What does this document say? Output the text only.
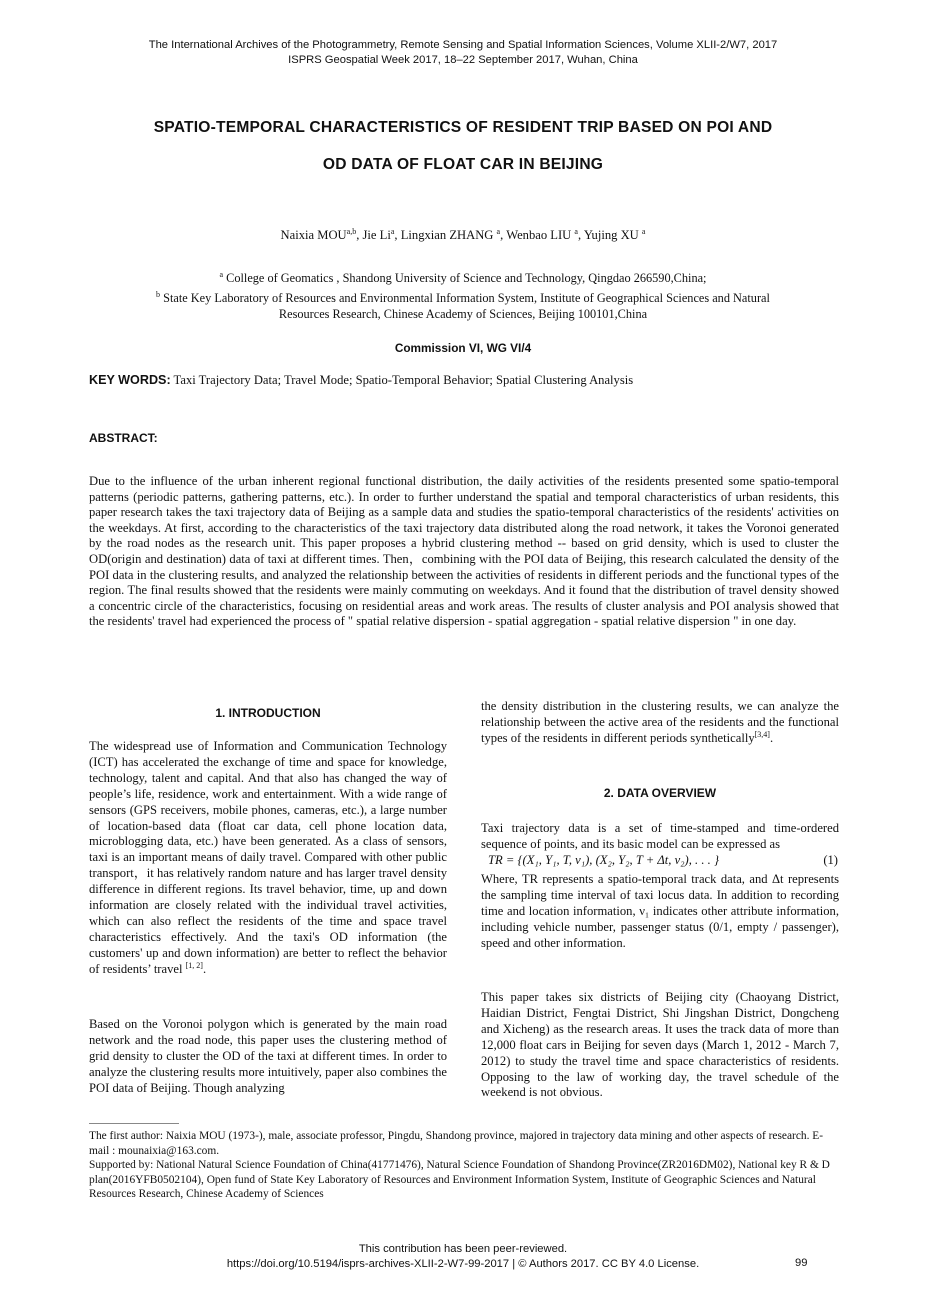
The International Archives of the Photogrammetry, Remote Sensing and Spatial Information Sciences, Volume XLII-2/W7, 2017
ISPRS Geospatial Week 2017, 18–22 September 2017, Wuhan, China
SPATIO-TEMPORAL CHARACTERISTICS OF RESIDENT TRIP BASED ON POI AND
OD DATA OF FLOAT CAR IN BEIJING
Naixia MOU$^{a,b}$, Jie Li$^a$, Lingxian ZHANG $^a$, Wenbao LIU $^a$, Yujing XU $^a$
$^a$ College of Geomatics , Shandong University of Science and Technology, Qingdao 266590,China;
$^b$ State Key Laboratory of Resources and Environmental Information System, Institute of Geographical Sciences and Natural
Resources Research, Chinese Academy of Sciences, Beijing 100101,China
Commission VI, WG VI/4
KEY WORDS: Taxi Trajectory Data; Travel Mode; Spatio-Temporal Behavior; Spatial Clustering Analysis
ABSTRACT:
Due to the influence of the urban inherent regional functional distribution, the daily activities of the residents presented some spatio-temporal patterns (periodic patterns, gathering patterns, etc.). In order to further understand the spatial and temporal characteristics of urban residents, this paper research takes the taxi trajectory data of Beijing as a sample data and studies the spatio-temporal characteristics of the residents' activities on the weekdays. At first, according to the characteristics of the taxi trajectory data distributed along the road network, it takes the Voronoi generated by the road nodes as the research unit. This paper proposes a hybrid clustering method -- based on grid density, which is used to cluster the OD(origin and destination) data of taxi at different times. Then，combining with the POI data of Beijing, this research calculated the density of the POI data in the clustering results, and analyzed the relationship between the activities of residents in different periods and the functional types of the region. The final results showed that the residents were mainly commuting on weekdays. And it found that the distribution of travel density showed a concentric circle of the characteristics, focusing on residential areas and work areas. The results of cluster analysis and POI analysis showed that the residents' travel had experienced the process of " spatial relative dispersion - spatial aggregation - spatial relative dispersion " in one day.
1. INTRODUCTION

The widespread use of Information and Communication Technology (ICT) has accelerated the exchange of time and space for knowledge, technology, talent and capital. And that also has changed the way of people’s life, residence, work and entertainment. With a wide range of sensors (GPS receivers, mobile phones, cameras, etc.), a large number of location-based data (float car data, cell phone location data, microblogging data, etc.) have been generated. As a class of sensors, taxi is an important means of daily travel. Compared with other public transport，it has relatively random nature and has larger travel density difference in different regions. Its travel behavior, time, up and down information are closely related with the individual travel activities, which can also reflect the residents of the time and space travel characteristics effectively. And the taxi's OD information (the customers' up and down information) are better to reflect the behavior of residents’ travel [1, 2].

Based on the Voronoi polygon which is generated by the main road network and the road node, this paper uses the clustering method of grid density to cluster the OD of the taxi at different times. In order to analyze the clustering results more intuitively, paper also combines the POI data of Beijing. Though analyzing

the density distribution in the clustering results, we can analyze the relationship between the active area of the residents and the functional types of the residents in different periods synthetically[3,4].

2. DATA OVERVIEW

Taxi trajectory data is a set of time-stamped and time-ordered sequence of points, and its basic model can be expressed as

TR = {(X₁, Y₁, T, ν₁), (X₂, Y₂, T + Δt, ν₂), . . . }	(1)

Where, TR represents a spatio-temporal track data, and Δt represents the sampling time interval of taxi locus data. In addition to recording time and location information, ν₁ indicates other attribute information, including vehicle number, passenger status (0/1, empty / passenger), speed and other information.

This paper takes six districts of Beijing city (Chaoyang District, Haidian District, Fengtai District, Shi Jingshan District, Dongcheng and Xicheng) as the research areas. It uses the track data of more than 12,000 float cars in Beijing for seven days (March 1, 2012 - March 7, 2012) to study the travel time and space characteristics of residents. Opposing to the law of working day, the travel schedule of the weekend is not obvious.

The first author: Naixia MOU (1973-), male, associate professor, Pingdu, Shandong province, majored in trajectory data mining and other aspects of research. E-mail : mounaixia@163.com.
Supported by: National Natural Science Foundation of China(41771476), Natural Science Foundation of Shandong Province(ZR2016DM02), National key R & D plan(2016YFB0502104), Open fund of State Key Laboratory of Resources and Environment Information System, Institute of Geographic Sciences and Natural Resources Research, Chinese Academy of Sciences
This contribution has been peer-reviewed.
https://doi.org/10.5194/isprs-archives-XLII-2-W7-99-2017 | © Authors 2017. CC BY 4.0 License.	99
